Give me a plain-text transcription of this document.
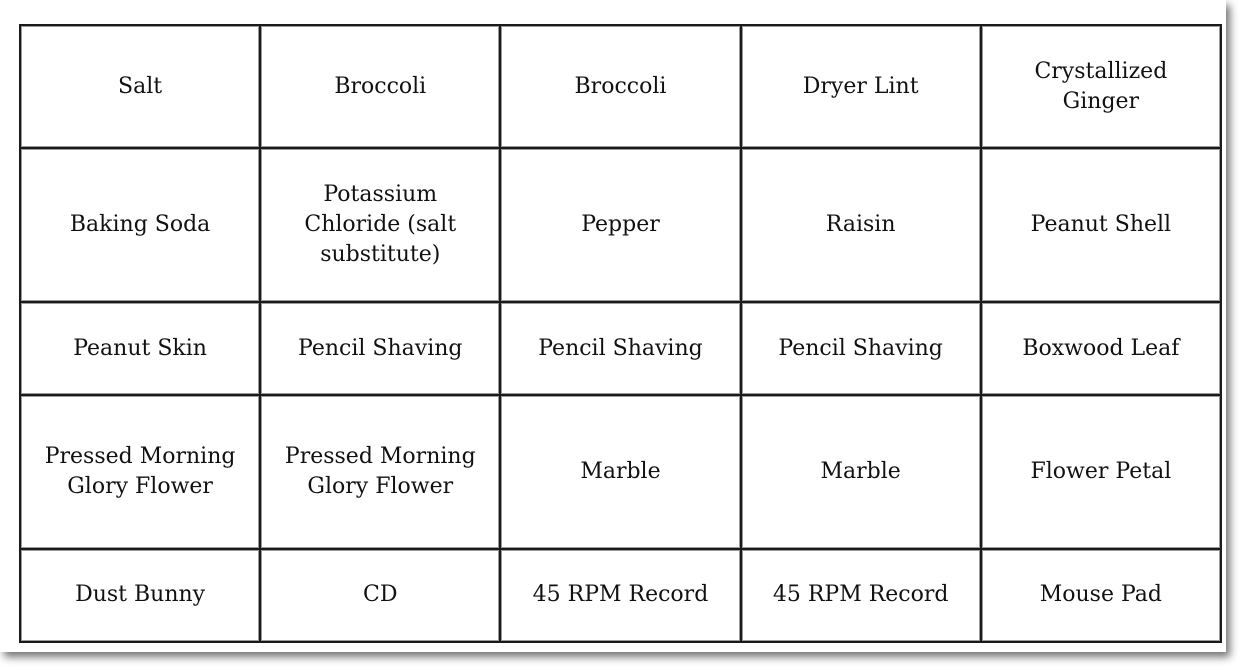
Salt	Broccoli	Broccoli	Dryer Lint	Crystallized Ginger
Baking Soda	Potassium Chloride (salt substitute)	Pepper	Raisin	Peanut Shell
Peanut Skin	Pencil Shaving	Pencil Shaving	Pencil Shaving	Boxwood Leaf
Pressed Morning Glory Flower	Pressed Morning Glory Flower	Marble	Marble	Flower Petal
Dust Bunny	CD	45 RPM Record	45 RPM Record	Mouse Pad
